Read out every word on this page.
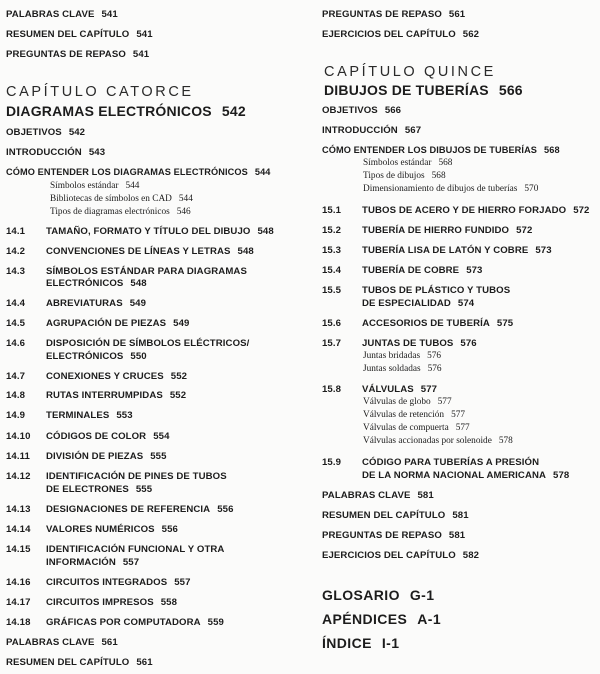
PALABRAS CLAVE 541
RESUMEN DEL CAPÍTULO 541
PREGUNTAS DE REPASO 541
CAPÍTULO CATORCE
DIAGRAMAS ELECTRÓNICOS 542
OBJETIVOS 542
INTRODUCCIÓN 543
CÓMO ENTENDER LOS DIAGRAMAS ELECTRÓNICOS 544
Símbolos estándar 544
Bibliotecas de símbolos en CAD 544
Tipos de diagramas electrónicos 546
14.1 TAMAÑO, FORMATO Y TÍTULO DEL DIBUJO 548
14.2 CONVENCIONES DE LÍNEAS Y LETRAS 548
14.3 SÍMBOLOS ESTÁNDAR PARA DIAGRAMAS
ELECTRÓNICOS 548
14.4 ABREVIATURAS 549
14.5 AGRUPACIÓN DE PIEZAS 549
14.6 DISPOSICIÓN DE SÍMBOLOS ELÉCTRICOS/
ELECTRÓNICOS 550
14.7 CONEXIONES Y CRUCES 552
14.8 RUTAS INTERRUMPIDAS 552
14.9 TERMINALES 553
14.10 CÓDIGOS DE COLOR 554
14.11 DIVISIÓN DE PIEZAS 555
14.12 IDENTIFICACIÓN DE PINES DE TUBOS
DE ELECTRONES 555
14.13 DESIGNACIONES DE REFERENCIA 556
14.14 VALORES NUMÉRICOS 556
14.15 IDENTIFICACIÓN FUNCIONAL Y OTRA
INFORMACIÓN 557
14.16 CIRCUITOS INTEGRADOS 557
14.17 CIRCUITOS IMPRESOS 558
14.18 GRÁFICAS POR COMPUTADORA 559
PALABRAS CLAVE 561
RESUMEN DEL CAPÍTULO 561
PREGUNTAS DE REPASO 561
EJERCICIOS DEL CAPÍTULO 562
CAPÍTULO QUINCE
DIBUJOS DE TUBERÍAS 566
OBJETIVOS 566
INTRODUCCIÓN 567
CÓMO ENTENDER LOS DIBUJOS DE TUBERÍAS 568
Símbolos estándar 568
Tipos de dibujos 568
Dimensionamiento de dibujos de tuberías 570
15.1 TUBOS DE ACERO Y DE HIERRO FORJADO 572
15.2 TUBERÍA DE HIERRO FUNDIDO 572
15.3 TUBERÍA LISA DE LATÓN Y COBRE 573
15.4 TUBERÍA DE COBRE 573
15.5 TUBOS DE PLÁSTICO Y TUBOS
DE ESPECIALIDAD 574
15.6 ACCESORIOS DE TUBERÍA 575
15.7 JUNTAS DE TUBOS 576
Juntas bridadas 576
Juntas soldadas 576
15.8 VÁLVULAS 577
Válvulas de globo 577
Válvulas de retención 577
Válvulas de compuerta 577
Válvulas accionadas por solenoide 578
15.9 CÓDIGO PARA TUBERÍAS A PRESIÓN
DE LA NORMA NACIONAL AMERICANA 578
PALABRAS CLAVE 581
RESUMEN DEL CAPÍTULO 581
PREGUNTAS DE REPASO 581
EJERCICIOS DEL CAPÍTULO 582
GLOSARIO G-1
APÉNDICES A-1
ÍNDICE I-1
